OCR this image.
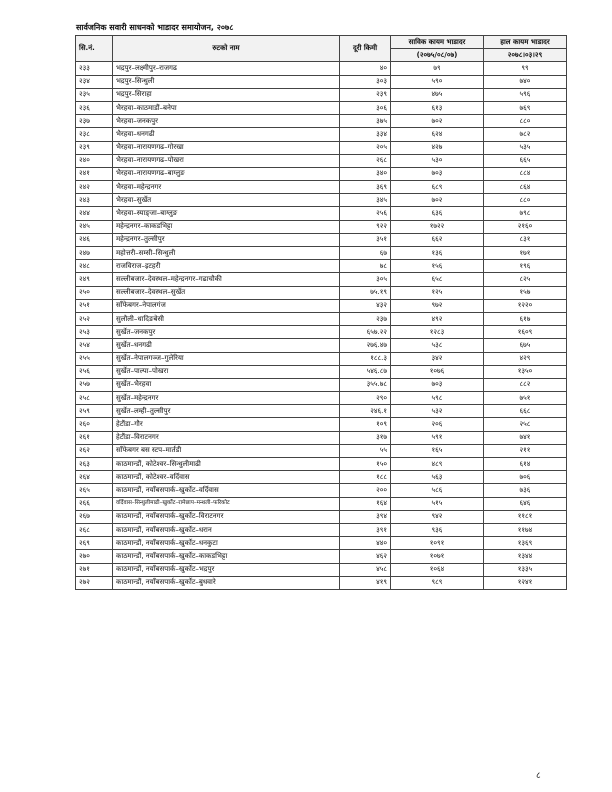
सार्वजनिक सवारी साधनको भाडादर समायोजन, २०७८
सि.नं.	रुटको नाम	दूरी किमी	साविक कायम भाडादर	हाल कायम भाडादर
			(२०७५/०८/०७)	२०७८।०३।२९
२३३	भद्रपुर–लक्ष्मीपुर–राजगढ	४०	७९	९९
२३४	भद्रपुर–सिन्धुली	३०३	५९०	७४०
२३५	भद्रपुर–सिराहा	२३९	४७५	५९६
२३६	भैरहवा–काठमाडौं–बनेपा	३०६	६१३	७६९
२३७	भैरहवा–जनकपुर	३७५	७०२	८८०
२३८	भैरहवा–धनगढी	३३४	६२४	७८२
२३९	भैरहवा–नारायणगढ–गोरखा	२०५	४२७	५३५
२४०	भैरहवा–नारायणगढ–पोखरा	२६८	५३०	६६५
२४१	भैरहवा–नारायणगढ–बाग्लुङ	३४०	७०३	८८४
२४२	भैरहवा–महेन्द्रनगर	३६९	६८९	८६४
२४३	भैरहवा–सुर्खेत	३४५	७०२	८८०
२४४	भैरहवा–स्याङ्जा–बाग्लुङ	२५६	६३६	७९८
२४५	महेन्द्रनगर–काकडभिट्टा	९२२	१७२२	२१६०
२४६	महेन्द्रनगर–तुल्सीपुर	३५१	६६२	८३१
२४७	महोत्तरी–सम्सी–सिन्धुली	६७	१३६	१७१
२४८	राजविराज–इटहरी	७८	१५६	१९६
२४९	सल्लीबजार–देवस्थल–महेन्द्रनगर–गढाचौकी	३०५	६५८	८२५
२५०	सल्लीबजार–देवस्थल–सुर्खेत	७५.१९	१२५	१५७
२५१	साँफेबगर–नेपालगंज	४३२	९७२	१२२०
२५२	सुलौली–धादिङबेसी	२३७	४९२	६१७
२५३	सुर्खेत–जनकपुर	६५७.२२	१२८३	१६०९
२५४	सुर्खेत–धनगढी	२७६.४७	५३८	६७५
२५५	सुर्खेत–नेपालगञ्ज–गुलेरिया	१८८.३	३४२	४२९
२५६	सुर्खेत–पाल्पा–पोखरा	५४६.८७	१०७६	१३५०
२५७	सुर्खेत–भैरहवा	३५५.७८	७०३	८८२
२५८	सुर्खेत–महेन्द्रनगर	२९०	५९८	७५१
२५९	सुर्खेत–लम्ही–तुल्सीपुर	२४६.१	५३२	६६८
२६०	हेटौंडा–गौर	१०९	२०६	२५८
२६१	हेटौंडा–विराटनगर	३१७	५९१	७४१
२६२	साँफेबगर बस स्टप–मार्तडी	५५	१६५	२११
२६३	काठमान्डौं, कोटेश्वर–सिन्धुलीमाढी	१५०	४८९	६१४
२६४	काठमान्डौं, कोटेश्वर–वर्दिवास	१८८	५६३	७०६
२६५	काठमान्डौं, नयाँबसपार्क–खुर्कोट–वर्दिवास	२००	५८६	७३६
२६६	वर्दिवास–सिन्धुलीमाढी–खुर्कोट–रामेछाप–मन्थली–फरिकोट	१६४	५१५	६४६
२६७	काठमान्डौं, नयाँबसपार्क–खुर्कोट–विराटनगर	३९४	९४२	११८१
२६८	काठमान्डौं, नयाँबसपार्क–खुर्कोट–धरान	३९१	९३६	११७४
२६९	काठमान्डौं, नयाँबसपार्क–खुर्कोट–धनकुटा	४४०	१०९१	१३६९
२७०	काठमान्डौं, नयाँबसपार्क–खुर्कोट–काकडभिट्टा	४६२	१०७१	१३४४
२७१	काठमान्डौं, नयाँबसपार्क–खुर्कोट–भद्रपुर	४५८	१०६४	१३३५
२७२	काठमान्डौं, नयाँबसपार्क–खुर्कोट–बुधवारे	४१९	९८९	१२४१
८
